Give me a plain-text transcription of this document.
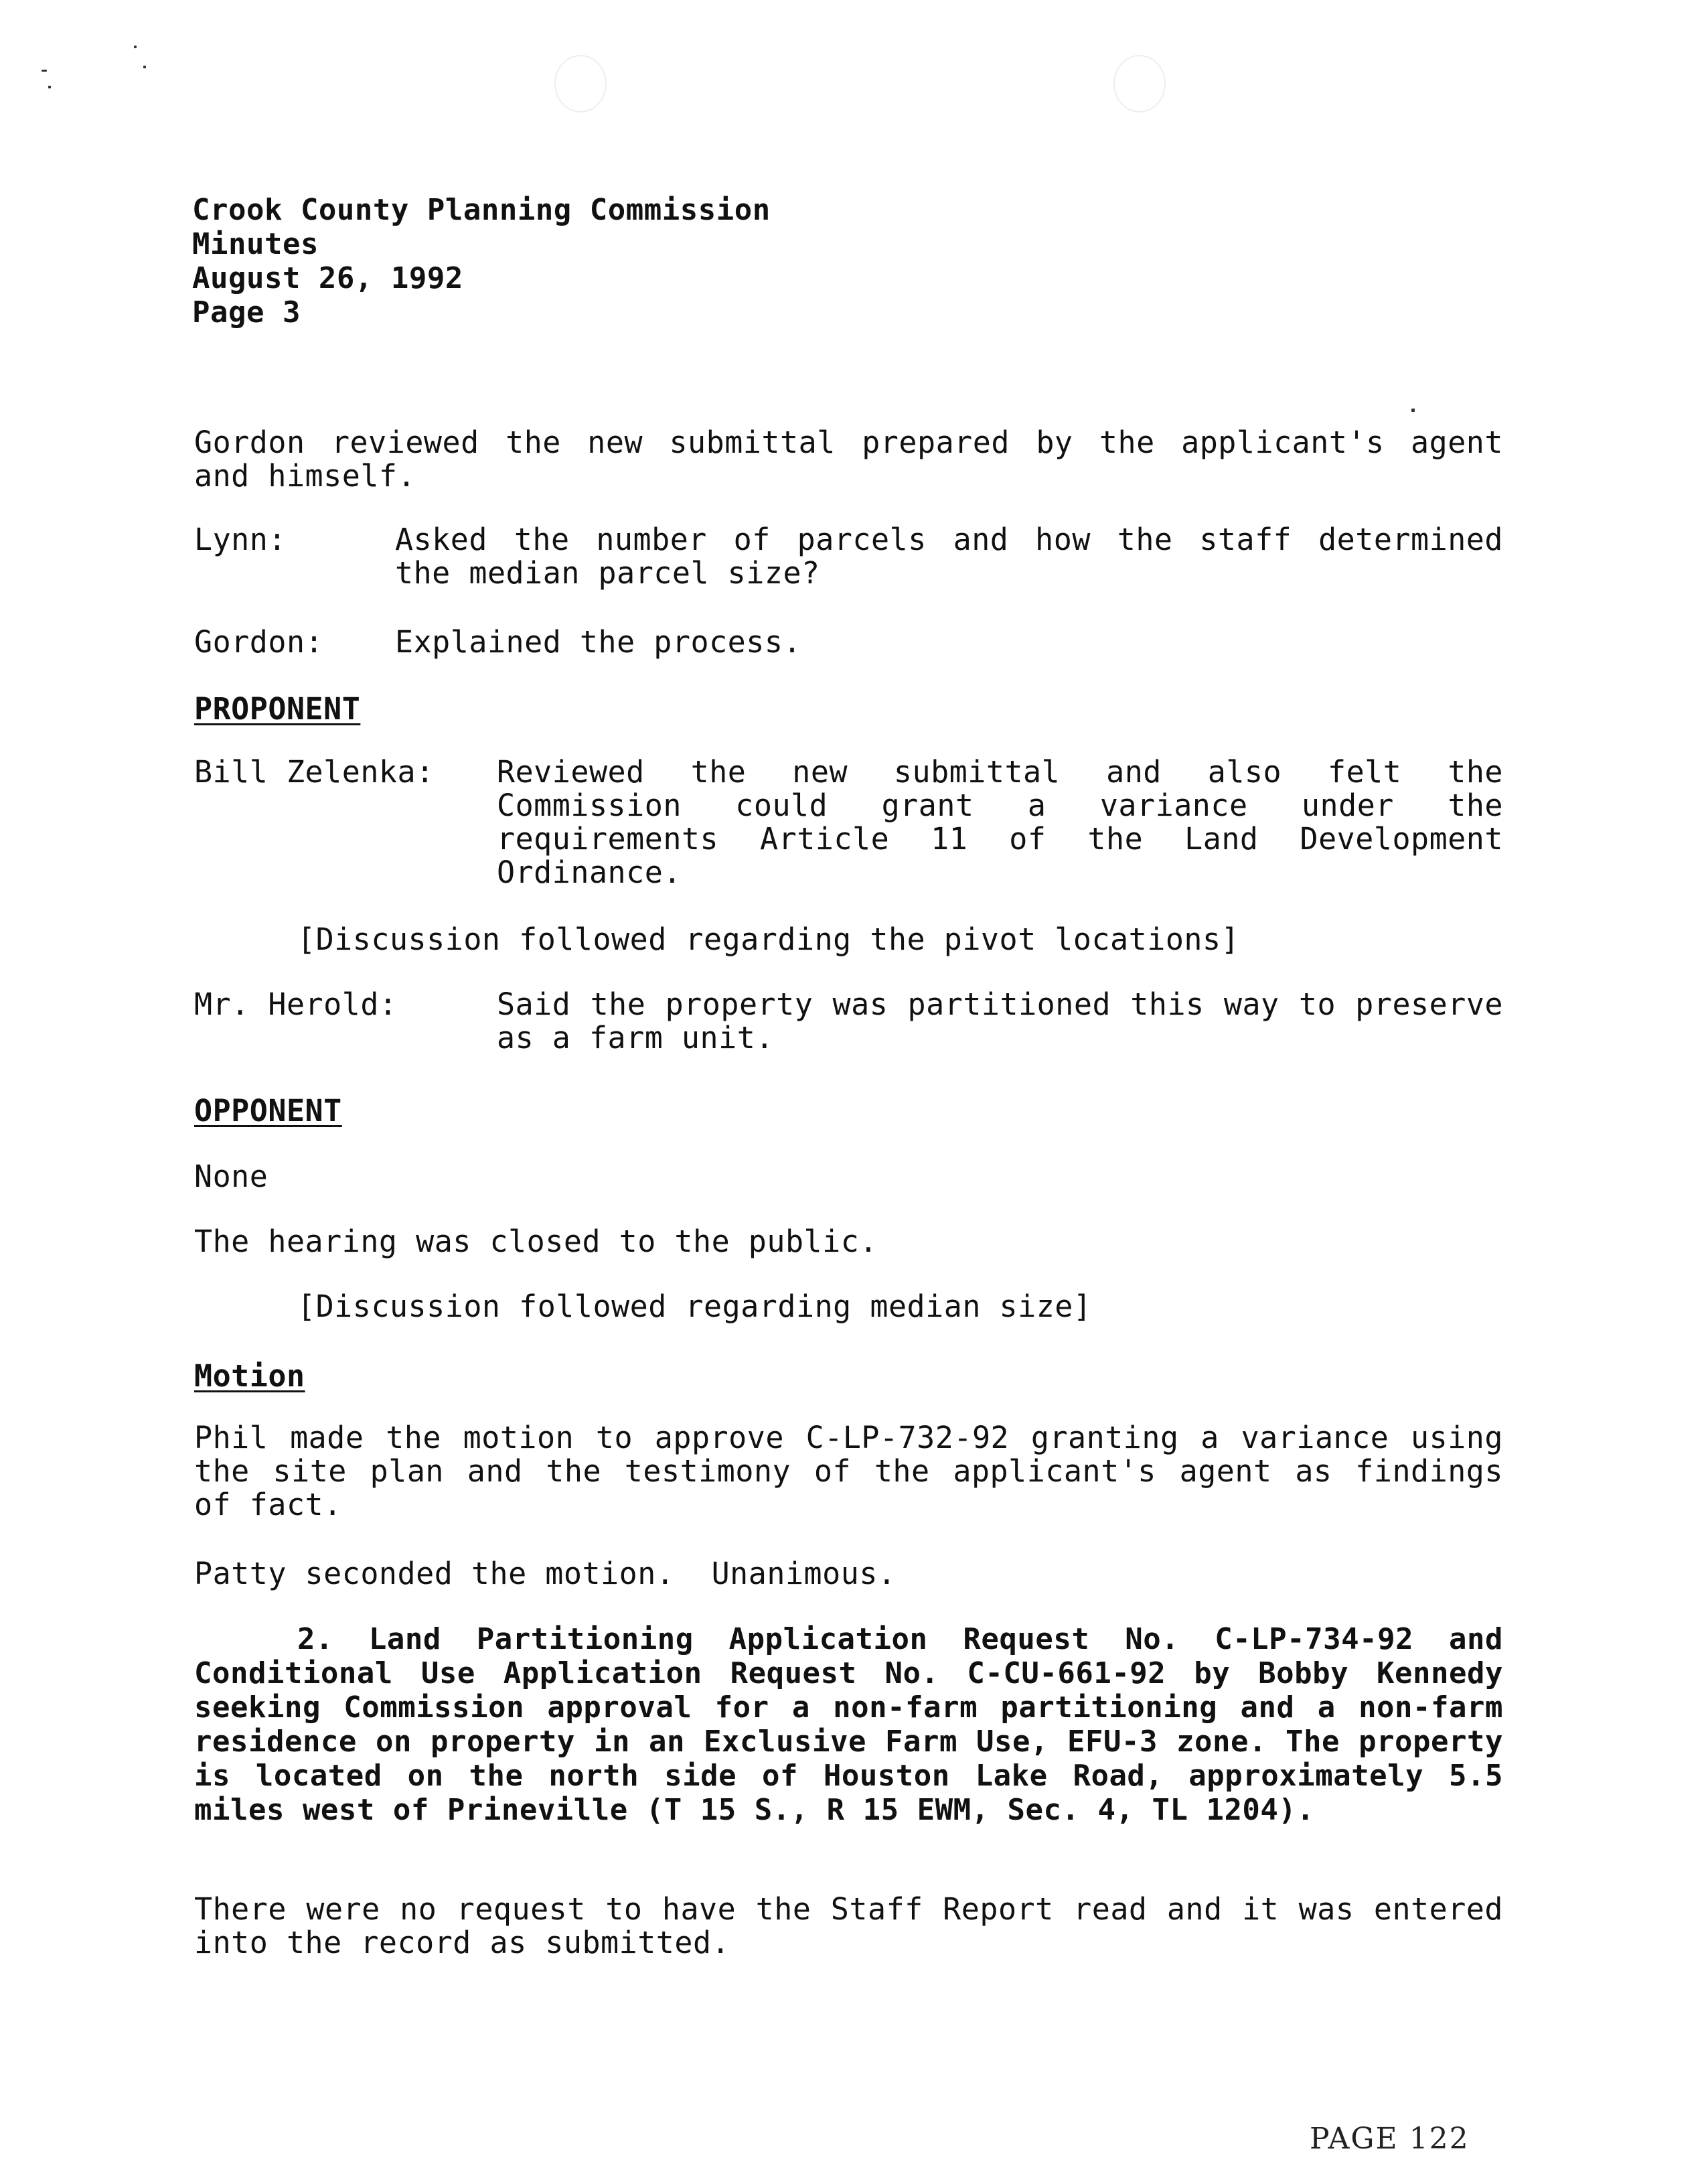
Crook County Planning Commission
Minutes
August 26, 1992
Page 3
Gordon reviewed the new submittal prepared by the applicant's agent and himself.
Lynn:	Asked the number of parcels and how the staff determined the median parcel size?
Gordon:	Explained the process.
PROPONENT
Bill Zelenka:	Reviewed the new submittal and also felt the Commission could grant a variance under the requirements Article 11 of the Land Development Ordinance.
[Discussion followed regarding the pivot locations]
Mr. Herold:	Said the property was partitioned this way to preserve as a farm unit.
OPPONENT
None
The hearing was closed to the public.
[Discussion followed regarding median size]
Motion
Phil made the motion to approve C-LP-732-92 granting a variance using the site plan and the testimony of the applicant's agent as findings of fact.
Patty seconded the motion.  Unanimous.
2. Land Partitioning Application Request No. C-LP-734-92 and Conditional Use Application Request No. C-CU-661-92 by Bobby Kennedy seeking Commission approval for a non-farm partitioning and a non-farm residence on property in an Exclusive Farm Use, EFU-3 zone. The property is located on the north side of Houston Lake Road, approximately 5.5 miles west of Prineville (T 15 S., R 15 EWM, Sec. 4, TL 1204).
There were no request to have the Staff Report read and it was entered into the record as submitted.
PAGE 122
